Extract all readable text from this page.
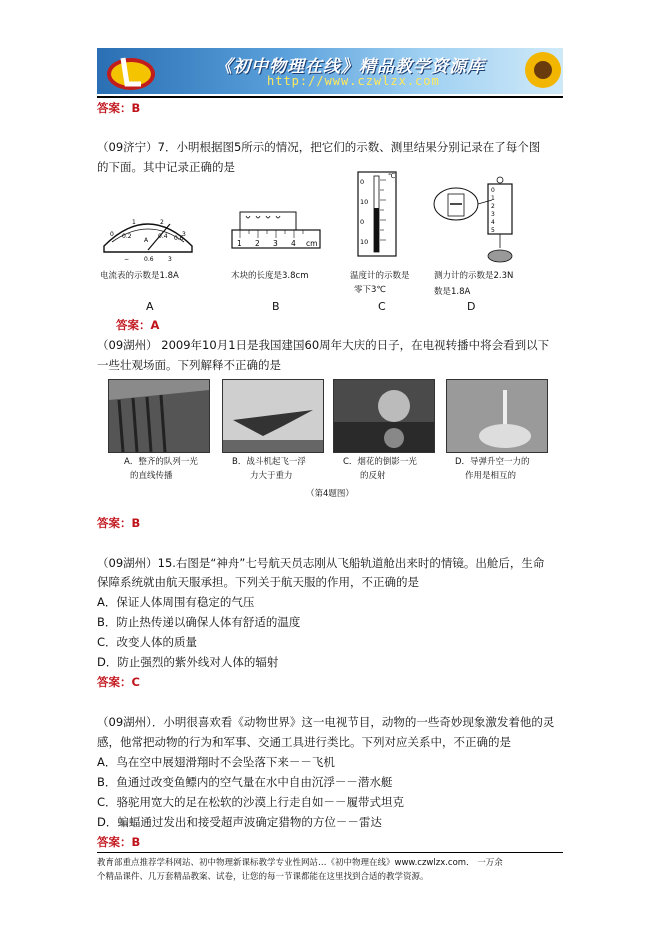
《初中物理在线》精品教学资源库
http://www.czwlzx.com
答案：B
（09济宁）7．小明根据图5所示的情况，把它们的示数、测里结果分别记录在了每个图
的下面。其中记录正确的是
0
1	2
3
0.2
A
0.4 0.6
− 0.6 3
1 2 3 4 cm
℃
0
10
0
10
0
1
2
3
4
5
电流表的示数是1.8A	木块的长度是3.8cm	温度计的示数是
零下3℃
测力计的示数是2.3N
数是1.8A
A	B	C	D
答案：A
（09湖州） 2009年10月1日是我国建国60周年大庆的日子，在电视转播中将会看到以下
一些壮观场面。下列解释不正确的是
A．整齐的队列一光
的直线传播
B．战斗机起飞一浮
力大于重力
C．烟花的倒影一光
的反射
D．导弹升空一力的
作用是相互的
（第4题图）
答案：B
（09湖州）15.右图是“神舟”七号航天员志刚从飞船轨道舱出来时的情镜。出舱后，生命
保障系统就由航天服承担。下列关于航天服的作用，不正确的是
A．保证人体周围有稳定的气压
B．防止热传递以确保人体有舒适的温度
C．改变人体的质量
D．防止强烈的紫外线对人体的辐射
答案：C
（09湖州）．小明很喜欢看《动物世界》这一电视节目，动物的一些奇妙现象激发着他的灵
感，他常把动物的行为和军事、交通工具进行类比。下列对应关系中，不正确的是
A．鸟在空中展翅滑翔时不会坠落下来－－飞机
B．鱼通过改变鱼鳔内的空气量在水中自由沉浮－－潜水艇
C．骆驼用宽大的足在松软的沙漠上行走自如－－履带式坦克
D．蝙蝠通过发出和接受超声波确定猎物的方位－－雷达
答案：B
教育部重点推荐学科网站、初中物理新课标教学专业性网站…《初中物理在线》www.czwlzx.com． 一万余
个精品课件、几万套精品教案、试卷，让您的每一节课都能在这里找到合适的教学资源。
